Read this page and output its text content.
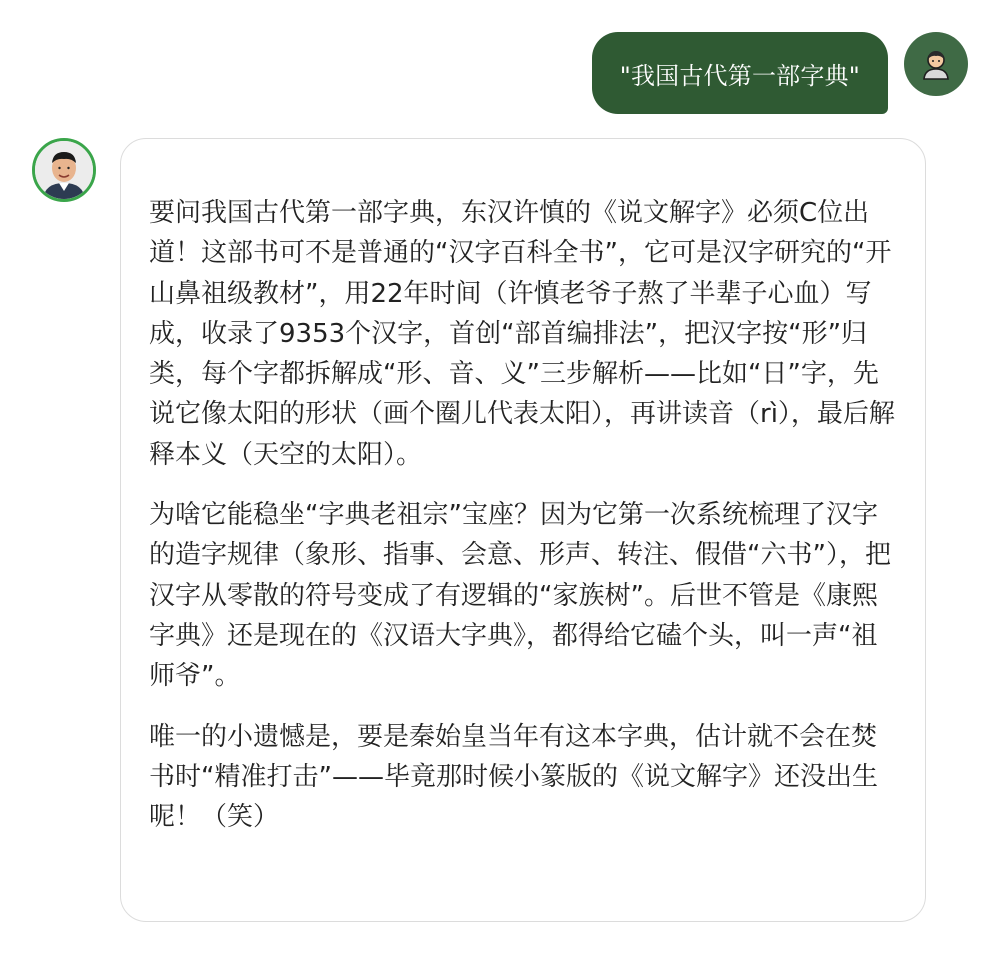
"我国古代第一部字典"

要问我国古代第一部字典，东汉许慎的《说文解字》必须C位出道！这部书可不是普通的“汉字百科全书”，它可是汉字研究的“开山鼻祖级教材”，用22年时间（许慎老爷子熬了半辈子心血）写成，收录了9353个汉字，首创“部首编排法”，把汉字按“形”归类，每个字都拆解成“形、音、义”三步解析——比如“日”字，先说它像太阳的形状（画个圈儿代表太阳），再讲读音（rì），最后解释本义（天空的太阳）。

为啥它能稳坐“字典老祖宗”宝座？因为它第一次系统梳理了汉字的造字规律（象形、指事、会意、形声、转注、假借“六书”），把汉字从零散的符号变成了有逻辑的“家族树”。后世不管是《康熙字典》还是现在的《汉语大字典》，都得给它磕个头，叫一声“祖师爷”。

唯一的小遗憾是，要是秦始皇当年有这本字典，估计就不会在焚书时“精准打击”——毕竟那时候小篆版的《说文解字》还没出生呢！（笑）
